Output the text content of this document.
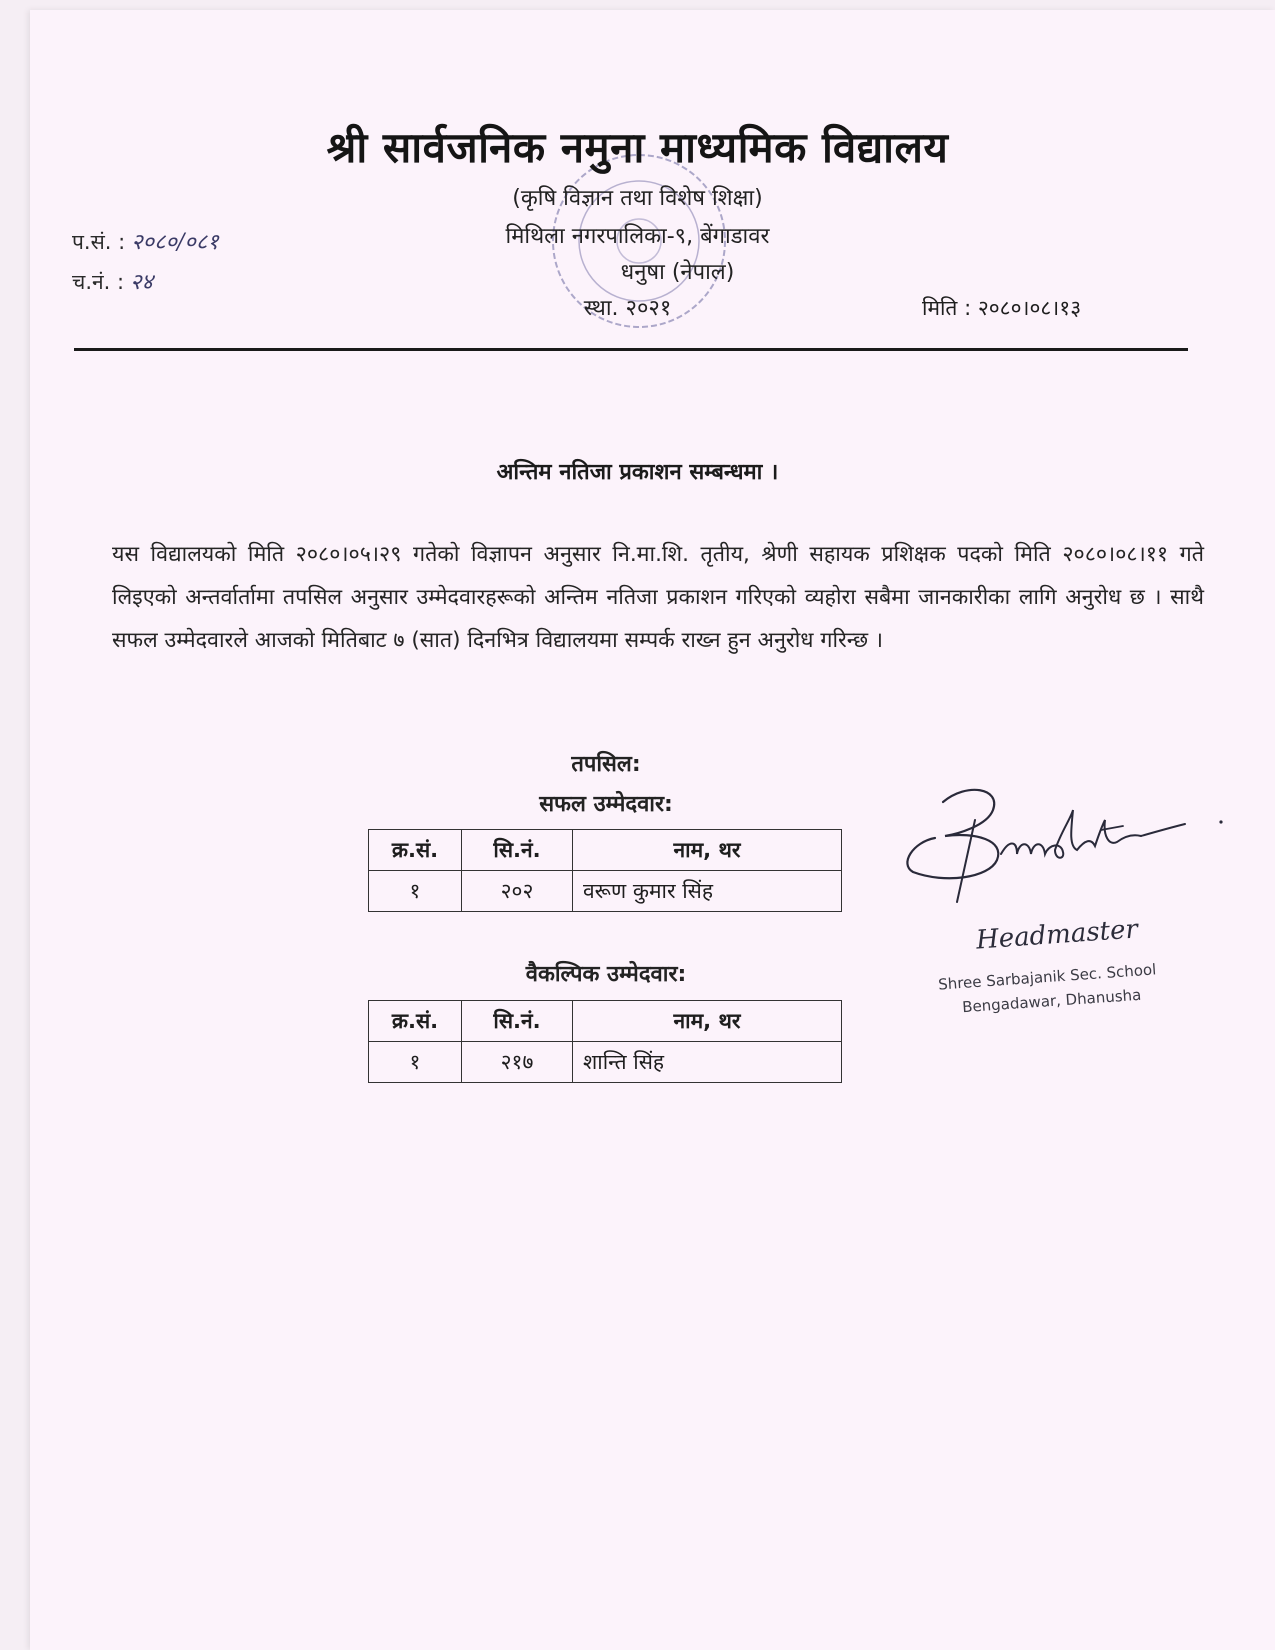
श्री सार्वजनिक नमुना माध्यमिक विद्यालय
(कृषि विज्ञान तथा विशेष शिक्षा)
मिथिला नगरपालिका-९, बेंगाडावर
धनुषा (नेपाल)
स्था. २०२१
प.सं. : २०८०/०८१
च.नं. : २४
मिति : २०८०।०८।१३
अन्तिम नतिजा प्रकाशन सम्बन्धमा ।
यस विद्यालयको मिति २०८०।०५।२९ गतेको विज्ञापन अनुसार नि.मा.शि. तृतीय, श्रेणी सहायक प्रशिक्षक पदको मिति २०८०।०८।११ गते लिइएको अन्तर्वार्तामा तपसिल अनुसार उम्मेदवारहरूको अन्तिम नतिजा प्रकाशन गरिएको व्यहोरा सबैमा जानकारीका लागि अनुरोध छ । साथै सफल उम्मेदवारले आजको मितिबाट ७ (सात) दिनभित्र विद्यालयमा सम्पर्क राख्न हुन अनुरोध गरिन्छ ।
तपसिल:
सफल उम्मेदवार:
क्र.सं.	सि.नं.	नाम, थर
१	२०२	वरूण कुमार सिंह
वैकल्पिक उम्मेदवार:
क्र.सं.	सि.नं.	नाम, थर
१	२१७	शान्ति सिंह
Headmaster
Shree Sarbajanik Sec. School
Bengadawar, Dhanusha
